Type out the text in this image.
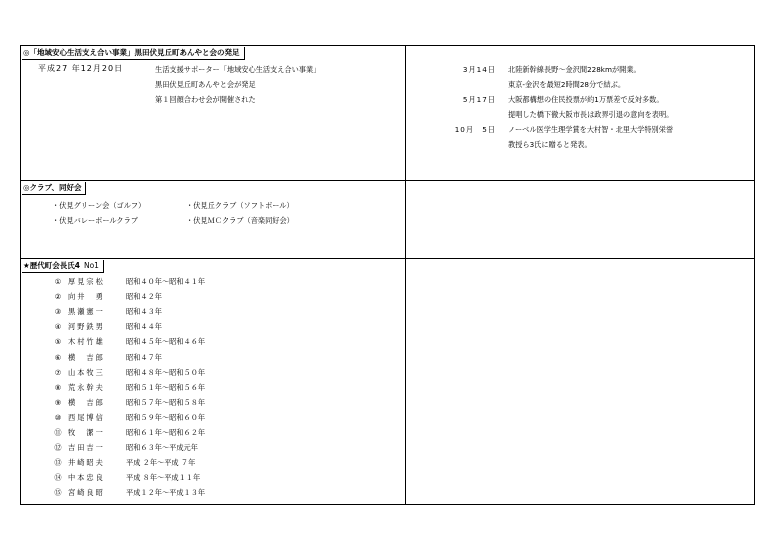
◎「地域安心生活支え合い事業」黒田伏見丘町あんやと会の発足
平成27 年12月20日	生活支援サポーター「地域安心生活支え合い事業」
黒田伏見丘町あんやと会が発足
第１回顔合わせ会が開催された
3月14日 北陸新幹線長野～金沢間228kmが開業。
東京-金沢を最短2時間28分で結ぶ。
5月17日 大阪都構想の住民投票が約1万票差で反対多数。
提唱した橋下徹大阪市長は政界引退の意向を表明。
10月　5日 ノーベル医学生理学賞を大村智・北里大学特別栄誉
教授ら3氏に贈ると発表。
◎クラブ、同好会
・伏見グリーン会（ゴルフ）	・伏見丘クラブ（ソフトボール）
・伏見バレーボールクラブ	・伏見ＭＣクラブ（音楽同好会）
★歴代町会長氏4 No1
① 厚見宗松	昭和４０年～昭和４１年
② 向井　勇	昭和４２年
③ 黒瀬憲一	昭和４３年
④ 河野鉄男	昭和４４年
⑤ 木村竹雄	昭和４５年～昭和４６年
⑥ 横　吉郎	昭和４７年
⑦ 山本牧三	昭和４８年～昭和５０年
⑧ 荒永幹夫	昭和５１年～昭和５６年
⑨ 横　吉郎	昭和５７年～昭和５８年
⑩ 西尾博信	昭和５９年～昭和６０年
⑪ 牧　潔一	昭和６１年～昭和６２年
⑫ 吉田吉一	昭和６３年～平成元年
⑬ 井崎昭夫	平成 ２年～平成 ７年
⑭ 中本忠良	平成 ８年～平成１１年
⑮ 宮崎良昭	平成１２年～平成１３年
